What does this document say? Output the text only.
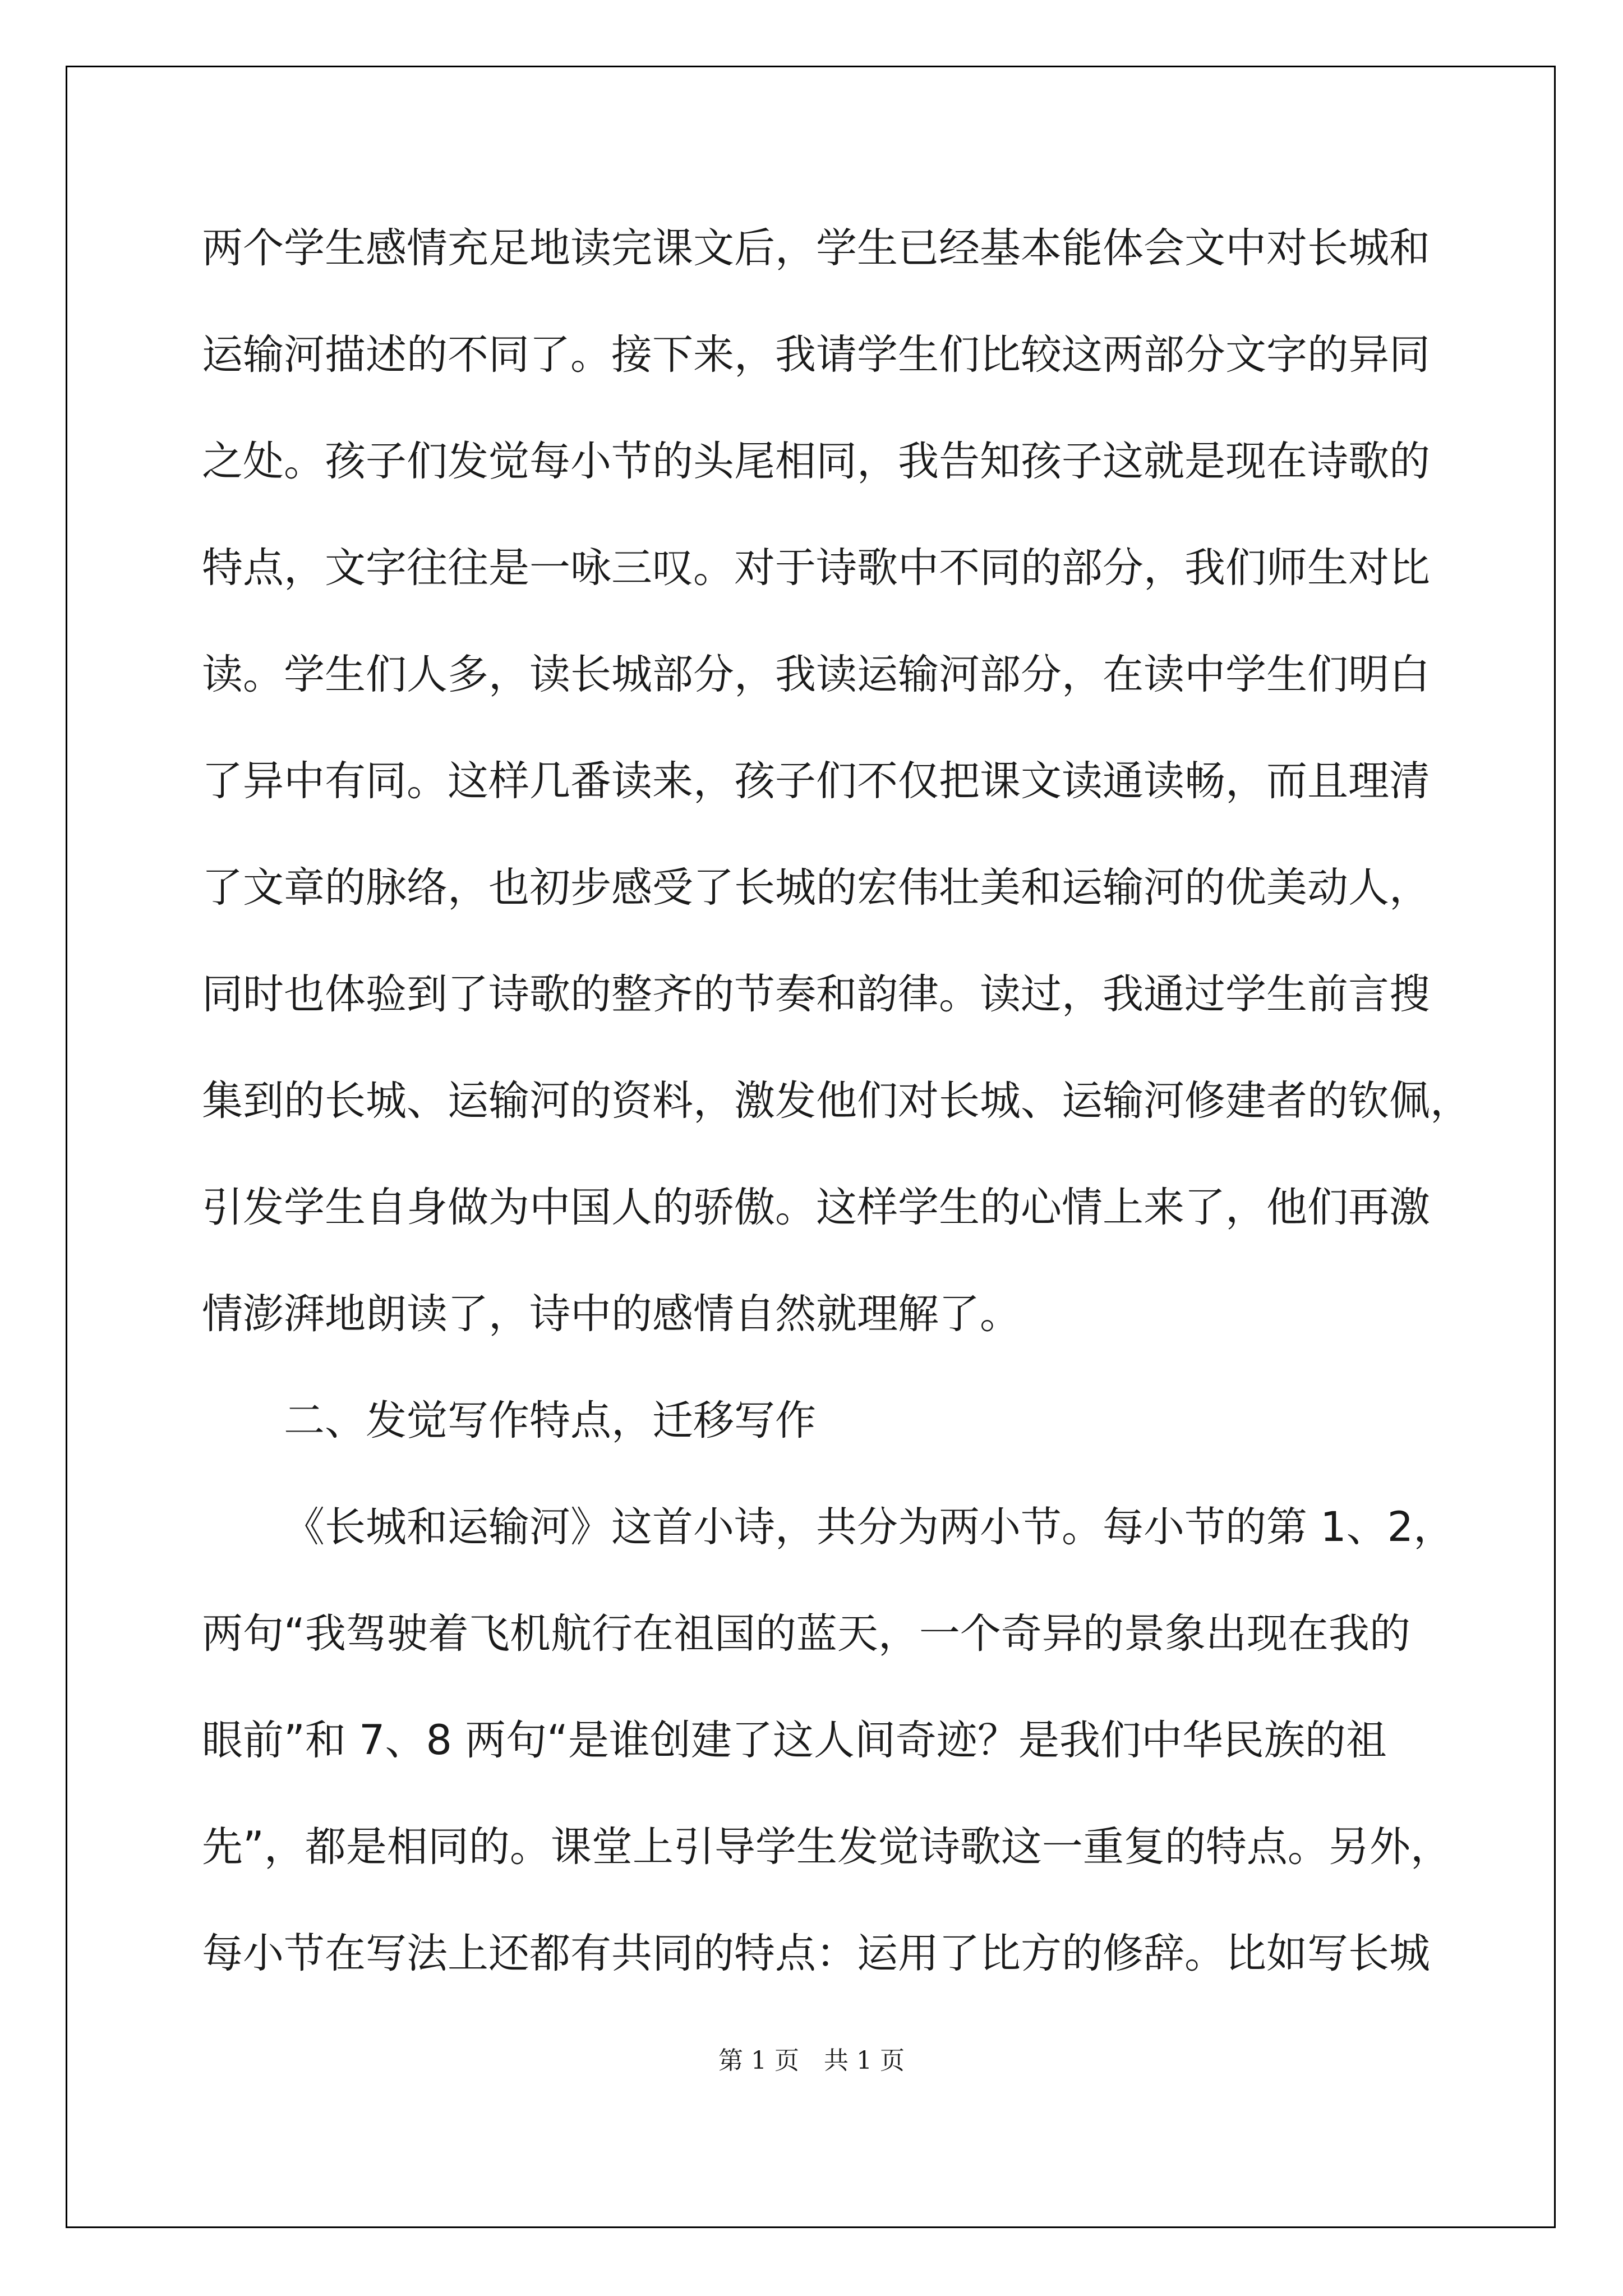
两个学生感情充足地读完课文后，学生已经基本能体会文中对长城和
运输河描述的不同了。接下来，我请学生们比较这两部分文字的异同
之处。孩子们发觉每小节的头尾相同，我告知孩子这就是现在诗歌的
特点，文字往往是一咏三叹。对于诗歌中不同的部分，我们师生对比
读。学生们人多，读长城部分，我读运输河部分，在读中学生们明白
了异中有同。这样几番读来，孩子们不仅把课文读通读畅，而且理清
了文章的脉络，也初步感受了长城的宏伟壮美和运输河的优美动人，
同时也体验到了诗歌的整齐的节奏和韵律。读过，我通过学生前言搜
集到的长城、运输河的资料，激发他们对长城、运输河修建者的钦佩，
引发学生自身做为中国人的骄傲。这样学生的心情上来了，他们再激
情澎湃地朗读了，诗中的感情自然就理解了。
二、发觉写作特点，迁移写作
《长城和运输河》这首小诗，共分为两小节。每小节的第 1、2，
两句“我驾驶着飞机航行在祖国的蓝天，一个奇异的景象出现在我的
眼前”和 7、8 两句“是谁创建了这人间奇迹？是我们中华民族的祖
先”，都是相同的。课堂上引导学生发觉诗歌这一重复的特点。另外，
每小节在写法上还都有共同的特点：运用了比方的修辞。比如写长城
第 1 页　共 1 页
